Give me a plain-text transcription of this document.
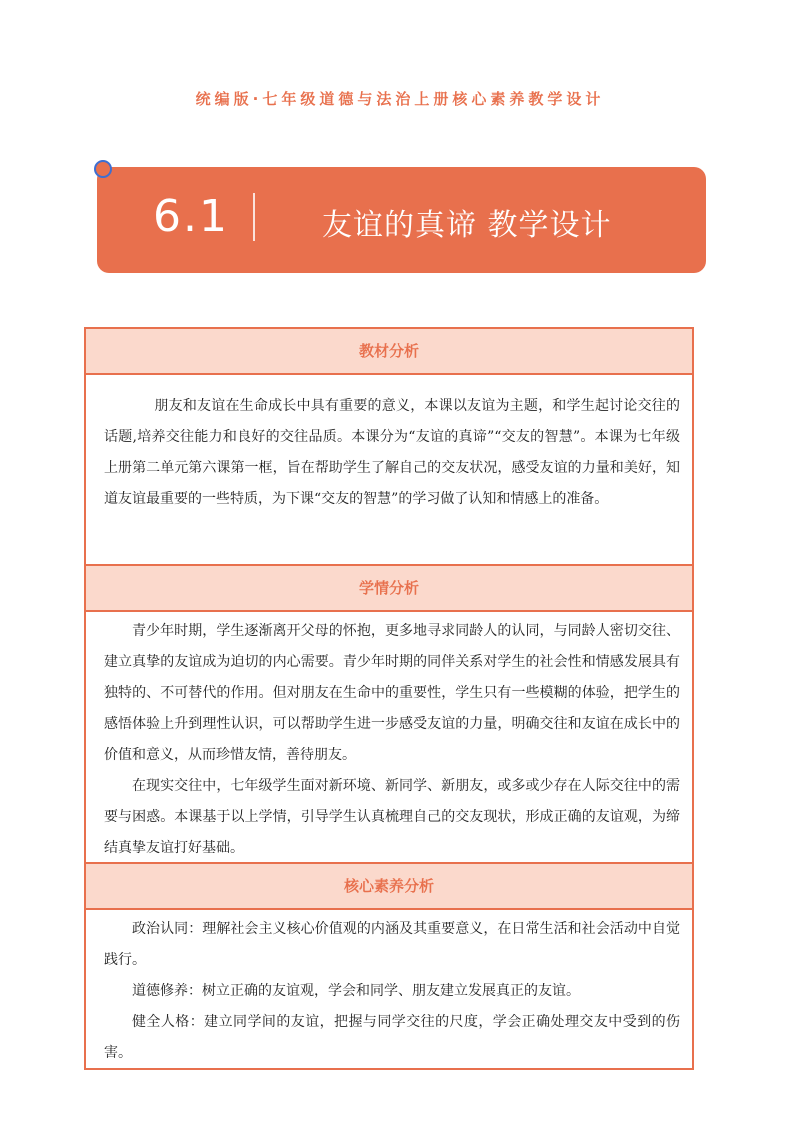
统编版·七年级道德与法治上册核心素养教学设计
6.1	友谊的真谛 教学设计
教材分析

朋友和友谊在生命成长中具有重要的意义，本课以友谊为主题，和学生起讨论交往的话题,培养交往能力和良好的交往品质。本课分为“友谊的真谛”“交友的智慧”。本课为七年级上册第二单元第六课第一框，旨在帮助学生了解自己的交友状况，感受友谊的力量和美好，知道友谊最重要的一些特质，为下课“交友的智慧”的学习做了认知和情感上的准备。

学情分析

青少年时期，学生逐渐离开父母的怀抱，更多地寻求同龄人的认同，与同龄人密切交往、建立真挚的友谊成为迫切的内心需要。青少年时期的同伴关系对学生的社会性和情感发展具有独特的、不可替代的作用。但对朋友在生命中的重要性，学生只有一些模糊的体验，把学生的感悟体验上升到理性认识，可以帮助学生进一步感受友谊的力量，明确交往和友谊在成长中的价值和意义，从而珍惜友情，善待朋友。

在现实交往中，七年级学生面对新环境、新同学、新朋友，或多或少存在人际交往中的需要与困惑。本课基于以上学情，引导学生认真梳理自己的交友现状，形成正确的友谊观，为缔结真挚友谊打好基础。

核心素养分析

政治认同：理解社会主义核心价值观的内涵及其重要意义，在日常生活和社会活动中自觉践行。

道德修养：树立正确的友谊观，学会和同学、朋友建立发展真正的友谊。

健全人格：建立同学间的友谊，把握与同学交往的尺度，学会正确处理交友中受到的伤害。
